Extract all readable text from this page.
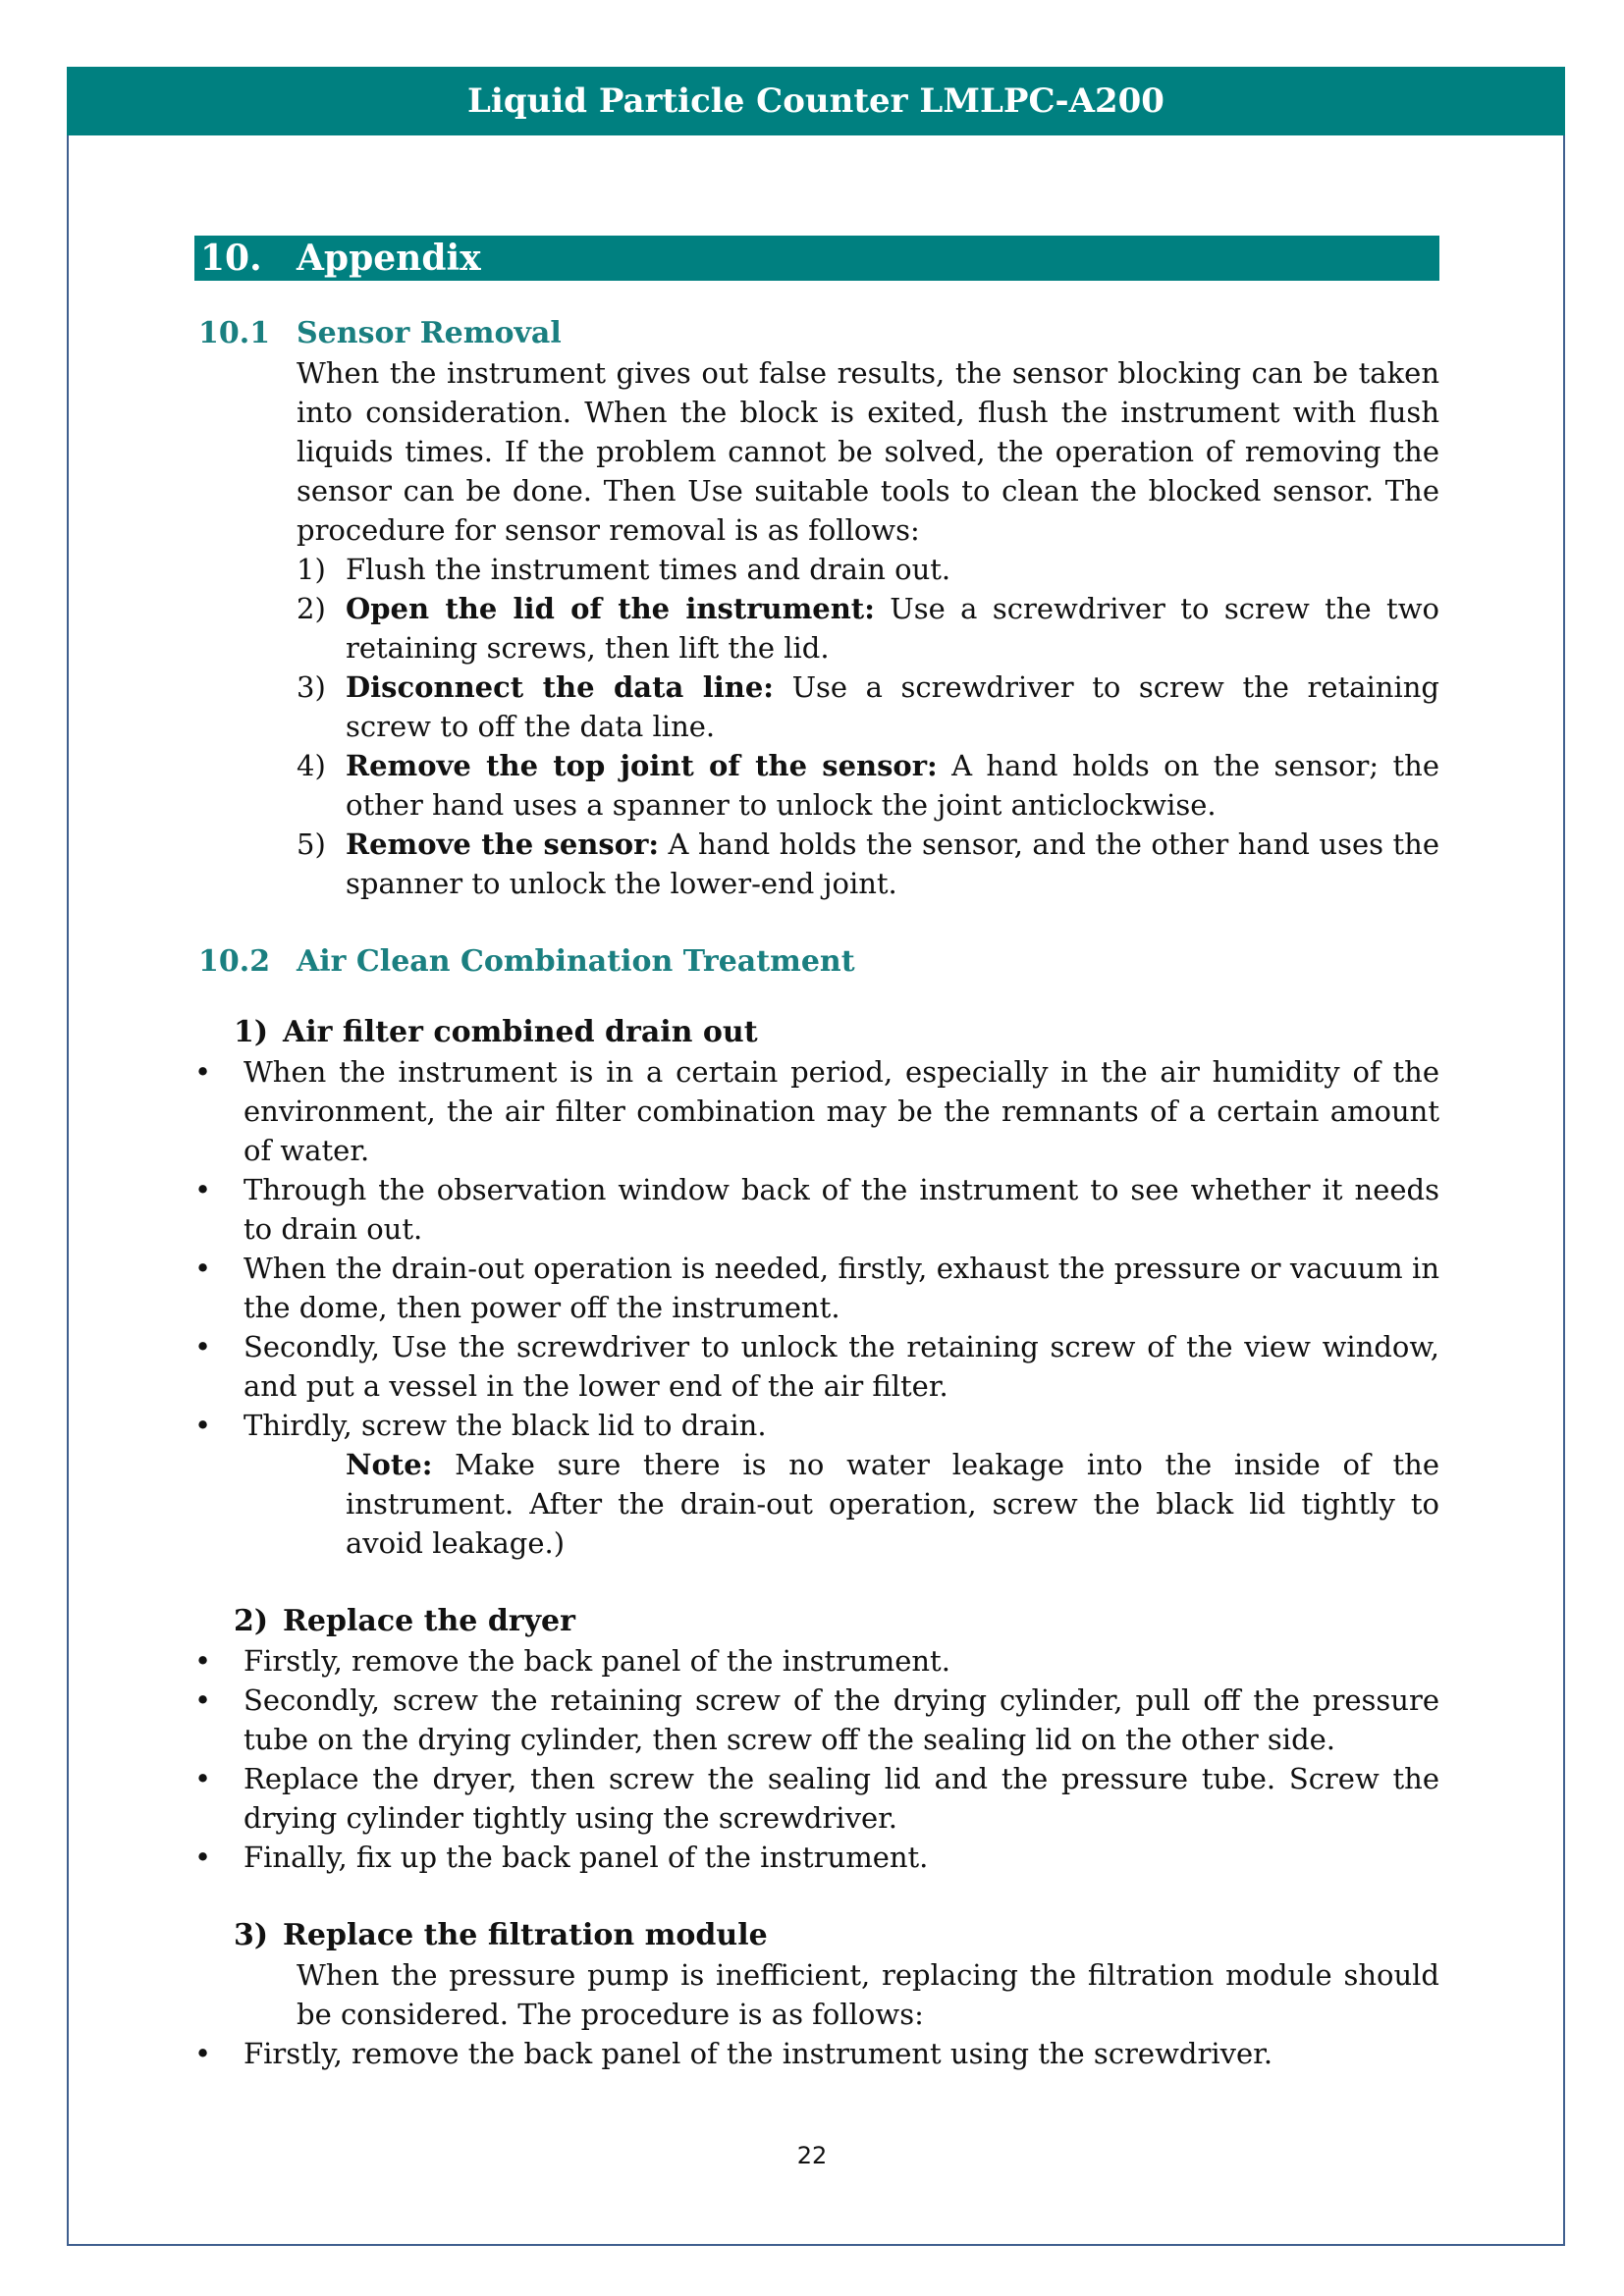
Liquid Particle Counter LMLPC-A200
10. Appendix
10.1 Sensor Removal
When the instrument gives out false results, the sensor blocking can be taken into consideration. When the block is exited, flush the instrument with flush liquids times. If the problem cannot be solved, the operation of removing the sensor can be done. Then Use suitable tools to clean the blocked sensor. The procedure for sensor removal is as follows:
1) Flush the instrument times and drain out.
2) Open the lid of the instrument: Use a screwdriver to screw the two retaining screws, then lift the lid.
3) Disconnect the data line: Use a screwdriver to screw the retaining screw to off the data line.
4) Remove the top joint of the sensor: A hand holds on the sensor; the other hand uses a spanner to unlock the joint anticlockwise.
5) Remove the sensor: A hand holds the sensor, and the other hand uses the spanner to unlock the lower-end joint.
10.2 Air Clean Combination Treatment
1) Air filter combined drain out
• When the instrument is in a certain period, especially in the air humidity of the environment, the air filter combination may be the remnants of a certain amount of water.
• Through the observation window back of the instrument to see whether it needs to drain out.
• When the drain-out operation is needed, firstly, exhaust the pressure or vacuum in the dome, then power off the instrument.
• Secondly, Use the screwdriver to unlock the retaining screw of the view window, and put a vessel in the lower end of the air filter.
• Thirdly, screw the black lid to drain.
Note: Make sure there is no water leakage into the inside of the instrument. After the drain-out operation, screw the black lid tightly to avoid leakage.)
2) Replace the dryer
• Firstly, remove the back panel of the instrument.
• Secondly, screw the retaining screw of the drying cylinder, pull off the pressure tube on the drying cylinder, then screw off the sealing lid on the other side.
• Replace the dryer, then screw the sealing lid and the pressure tube. Screw the drying cylinder tightly using the screwdriver.
• Finally, fix up the back panel of the instrument.
3) Replace the filtration module
When the pressure pump is inefficient, replacing the filtration module should be considered. The procedure is as follows:
• Firstly, remove the back panel of the instrument using the screwdriver.
22
